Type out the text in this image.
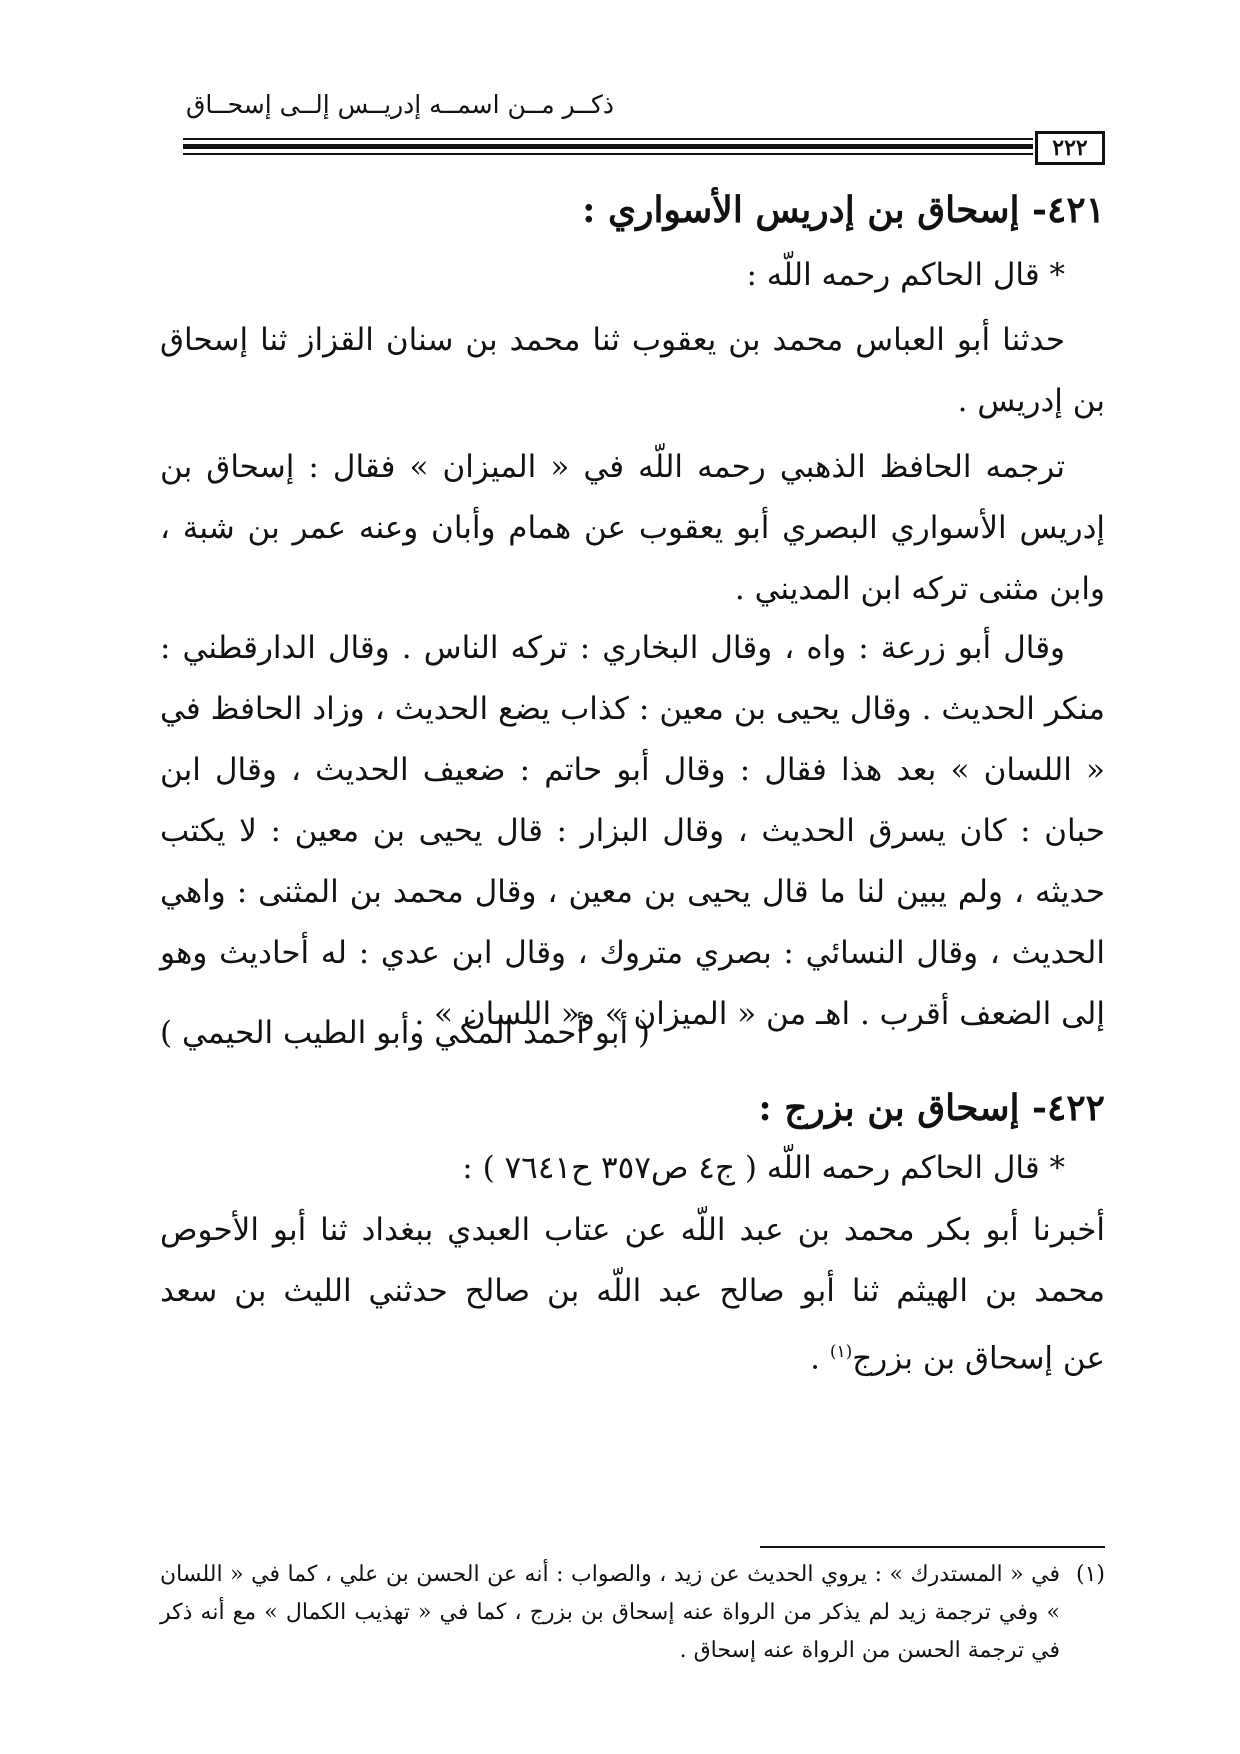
ذكــر مــن اسمــه إدريــس إلــى إسحــاق
٢٢٢
٤٢١- إسحاق بن إدريس الأسواري :
* قال الحاكم رحمه اللّه :
حدثنا أبو العباس محمد بن يعقوب ثنا محمد بن سنان القزاز ثنا إسحاق بن إدريس .
ترجمه الحافظ الذهبي رحمه اللّه في « الميزان » فقال : إسحاق بن إدريس الأسواري البصري أبو يعقوب عن همام وأبان وعنه عمر بن شبة ، وابن مثنى تركه ابن المديني .
وقال أبو زرعة : واه ، وقال البخاري : تركه الناس . وقال الدارقطني : منكر الحديث . وقال يحيى بن معين : كذاب يضع الحديث ، وزاد الحافظ في « اللسان » بعد هذا فقال : وقال أبو حاتم : ضعيف الحديث ، وقال ابن حبان : كان يسرق الحديث ، وقال البزار : قال يحيى بن معين : لا يكتب حديثه ، ولم يبين لنا ما قال يحيى بن معين ، وقال محمد بن المثنى : واهي الحديث ، وقال النسائي : بصري متروك ، وقال ابن عدي : له أحاديث وهو إلى الضعف أقرب . اهـ من « الميزان » و« اللسان » .
( أبو أحمد المكي وأبو الطيب الحيمي )
٤٢٢- إسحاق بن بزرج :
* قال الحاكم رحمه اللّه ( ج٤ ص٣٥٧ ح٧٦٤١ ) :
أخبرنا أبو بكر محمد بن عبد اللّه عن عتاب العبدي ببغداد ثنا أبو الأحوص
محمد بن الهيثم ثنا أبو صالح عبد اللّه بن صالح حدثني الليث بن سعد
عن إسحاق بن بزرج$^{(١)}$ .
(١)
في « المستدرك » : يروي الحديث عن زيد ، والصواب : أنه عن الحسن بن علي ، كما في « اللسان » وفي ترجمة زيد لم يذكر من الرواة عنه إسحاق بن بزرج ، كما في « تهذيب الكمال » مع أنه ذكر في ترجمة الحسن من الرواة عنه إسحاق .
